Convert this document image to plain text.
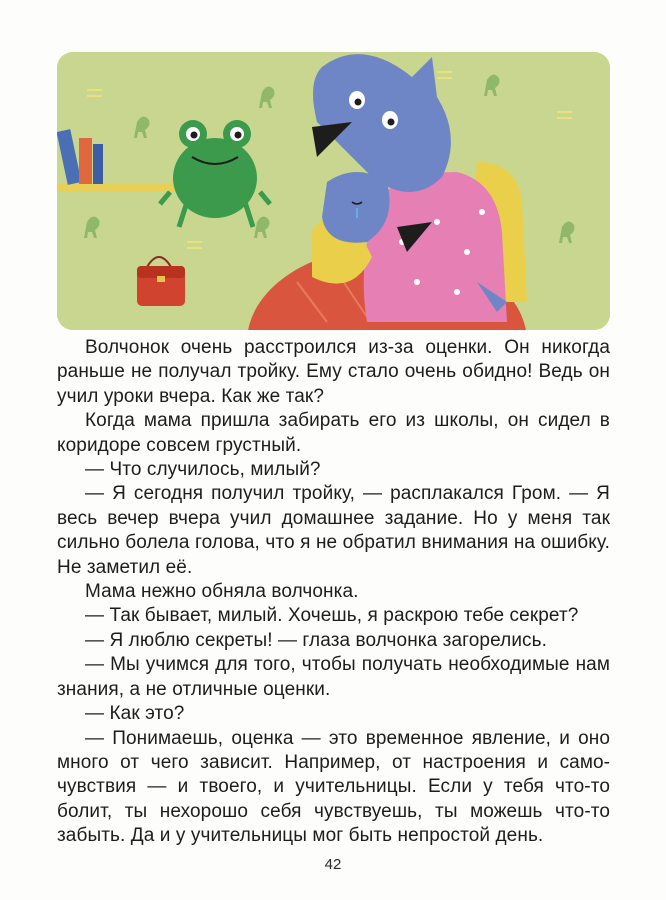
Волчонок очень расстроился из-за оценки. Он никогда раньше не получал тройку. Ему стало очень обидно! Ведь он учил уроки вчера. Как же так?

Когда мама пришла забирать его из школы, он сидел в коридоре совсем грустный.

— Что случилось, милый?

— Я сегодня получил тройку, — расплакался Гром. — Я весь вечер вчера учил домашнее задание. Но у меня так сильно болела голова, что я не обратил внимания на ошибку. Не заметил её.

Мама нежно обняла волчонка.

— Так бывает, милый. Хочешь, я раскрою тебе секрет?

— Я люблю секреты! — глаза волчонка загорелись.

— Мы учимся для того, чтобы получать необходимые нам знания, а не отличные оценки.

— Как это?

— Понимаешь, оценка — это временное явление, и оно много от чего зависит. Например, от настроения и самочувствия — и твоего, и учительницы. Если у тебя что-то болит, ты нехорошо себя чувствуешь, ты можешь что-то забыть. Да и у учительницы мог быть непростой день.

42
